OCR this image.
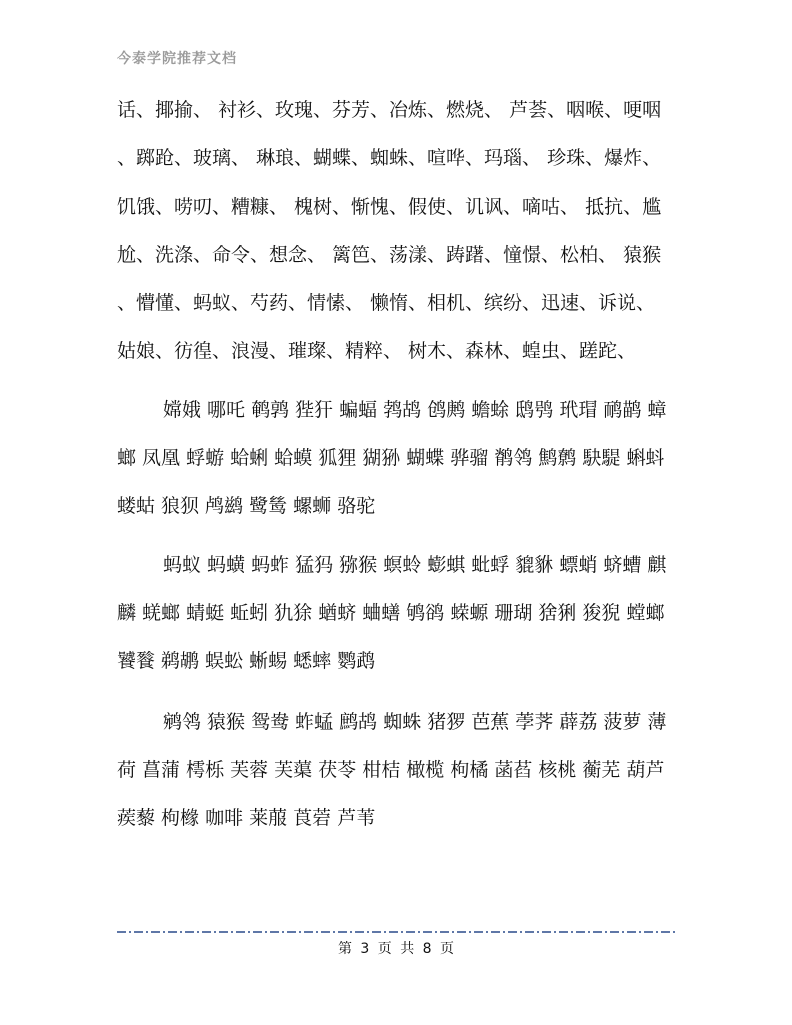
今泰学院推荐文档
话、揶揄、 衬衫、玫瑰、芬芳、冶炼、燃烧、 芦荟、咽喉、哽咽
、踯跄、玻璃、 琳琅、蝴蝶、蜘蛛、喧哗、玛瑙、 珍珠、爆炸、
饥饿、唠叨、糟糠、 槐树、惭愧、假使、讥讽、嘀咕、 抵抗、尴
尬、洗涤、命令、想念、 篱笆、荡漾、踌躇、憧憬、松柏、 猿猴
、懵懂、蚂蚁、芍药、情愫、 懒惰、相机、缤纷、迅速、诉说、
姑娘、彷徨、浪漫、璀璨、精粹、 树木、森林、蝗虫、蹉跎、
嫦娥 哪吒 鹌鹑 狴犴 蝙蝠 鹁鸪 鸧鹒 蟾蜍 鸱鸮 玳瑁 鸸鹋 蟑
螂 凤凰 蜉蝣 蛤蜊 蛤蟆 狐狸 猢狲 蝴蝶 骅骝 鹡鸰 鹪鹩 駃騠 蝌蚪
蝼蛄 狼狈 鸬鹚 鹭鸶 螺蛳 骆驼
蚂蚁 蚂蟥 蚂蚱 猛犸 猕猴 螟蛉 蟛蜞 蚍蜉 貔貅 螵蛸 蛴螬 麒
麟 蜣螂 蜻蜓 蚯蚓 犰狳 蝤蛴 蛐蟮 鸲鹆 蝾螈 珊瑚 猞猁 狻猊 螳螂
饕餮 鹈鹕 蜈蚣 蜥蜴 蟋蟀 鹦鹉
鹓鸰 猿猴 鸳鸯 蚱蜢 鹧鸪 蜘蛛 猪猡 芭蕉 荸荠 薜荔 菠萝 薄
荷 菖蒲 樗栎 芙蓉 芙蕖 茯苓 柑桔 橄榄 枸橘 菡萏 核桃 蘅芜 葫芦
蒺藜 枸橼 咖啡 莱菔 莨菪 芦苇
第 3 页 共 8 页
